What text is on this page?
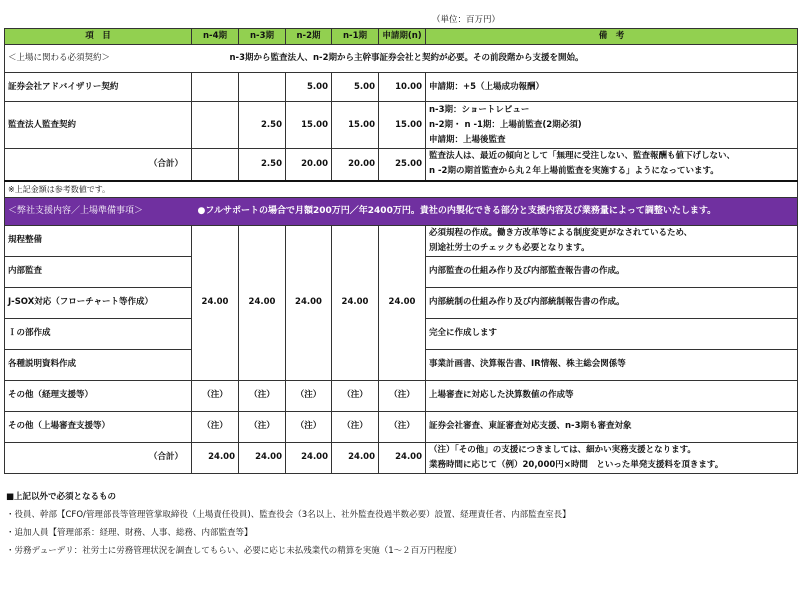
（単位：百万円）
項　目	n-4期	n-3期	n-2期	n-1期	申請期(n)	備　考
＜上場に関わる必須契約＞	n-3期から監査法人、n-2期から主幹事証券会社と契約が必要。その前段階から支援を開始。					
証券会社アドバイザリー契約			5.00	5.00	10.00	申請期：+5（上場成功報酬）

監査法人監査契約		2.50	15.00	15.00	15.00	n-3期：ショートレビュー
n-2期・ n -1期：上場前監査(2期必須)
申請期：上場後監査

（合計）		2.50	20.00	20.00	25.00	監査法人は、最近の傾向として「無理に受注しない、監査報酬も値下げしない、
n -2期の期首監査から丸２年上場前監査を実施する」ようになっています。

※上記金額は参考数値です。						
＜弊社支援内容／上場準備事項＞	●フルサポートの場合で月額200万円／年2400万円。貴社の内製化できる部分と支援内容及び業務量によって調整いたします。					
規程整備	24.00	24.00	24.00	24.00	24.00	必須規程の作成。働き方改革等による制度変更がなされているため、
別途社労士のチェックも必要となります。

内部監査						内部監査の仕組み作り及び内部監査報告書の作成。
J-SOX対応（フローチャート等作成）						内部統制の仕組み作り及び内部統制報告書の作成。
Ｉの部作成						完全に作成します
各種説明資料作成						事業計画書、決算報告書、IR情報、株主総会関係等
その他（経理支援等）	（注）	（注）	（注）	（注）	（注）	上場審査に対応した決算数値の作成等
その他（上場審査支援等）	（注）	（注）	（注）	（注）	（注）	証券会社審査、東証審査対応支援、n-3期も審査対象
（合計）	24.00	24.00	24.00	24.00	24.00	（注）「その他」の支援につきましては、細かい実務支援となります。
業務時間に応じて（例）20,000円×時間　といった単発支援料を頂きます。
■上記以外で必須となるもの
・役員、幹部【CFO/管理部長等管理管掌取締役（上場責任役員)、監査役会（3名以上、社外監査役過半数必要）設置、経理責任者、内部監査室長】
・追加人員【管理部系：経理、財務、人事、総務、内部監査等】
・労務デューデリ：社労士に労務管理状況を調査してもらい、必要に応じ未払残業代の精算を実施（1～２百万円程度）
